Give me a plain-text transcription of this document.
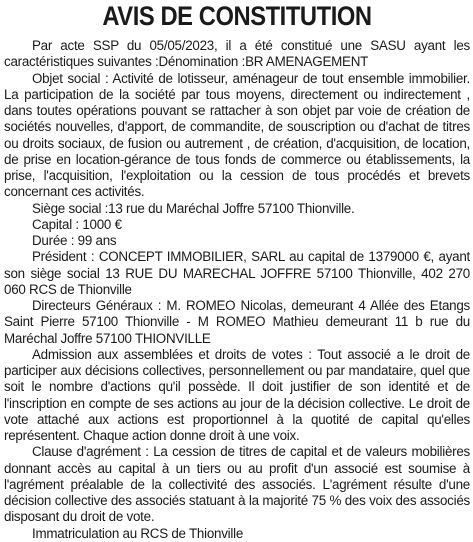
AVIS DE CONSTITUTION

Par acte SSP du 05/05/2023, il a été constitué une SASU ayant les caractéristiques suivantes :Dénomination :BR AMENAGEMENT

Objet social : Activité de lotisseur, aménageur de tout ensemble immobilier. La participation de la société par tous moyens, directement ou indirectement , dans toutes opérations pouvant se rattacher à son objet par voie de création de sociétés nouvelles, d'apport, de commandite, de souscription ou d'achat de titres ou droits sociaux, de fusion ou autrement , de création, d'acquisition, de location, de prise en location-gérance de tous fonds de commerce ou établissements, la prise, l'acquisition, l'exploitation ou la cession de tous procédés et brevets concernant ces activités.

Siège social :13 rue du Maréchal Joffre 57100 Thionville.

Capital : 1000 €

Durée : 99 ans

Président : CONCEPT IMMOBILIER, SARL au capital de 1379000 €, ayant son siège social 13 RUE DU MARECHAL JOFFRE 57100 Thionville, 402 270 060 RCS de Thionville

Directeurs Généraux : M. ROMEO Nicolas, demeurant 4 Allée des Etangs Saint Pierre 57100 Thionville - M ROMEO Mathieu demeurant 11 b rue du Maréchal Joffre 57100 THIONVILLE

Admission aux assemblées et droits de votes : Tout associé a le droit de participer aux décisions collectives, personnellement ou par mandataire, quel que soit le nombre d'actions qu'il possède. Il doit justifier de son identité et de l'inscription en compte de ses actions au jour de la décision collective. Le droit de vote attaché aux actions est proportionnel à la quotité de capital qu'elles représentent. Chaque action donne droit à une voix.

Clause d'agrément : La cession de titres de capital et de valeurs mobilières donnant accès au capital à un tiers ou au profit d'un associé est soumise à l'agrément préalable de la collectivité des associés. L'agrément résulte d'une décision collective des associés statuant à la majorité 75 % des voix des associés disposant du droit de vote.

Immatriculation au RCS de Thionville
